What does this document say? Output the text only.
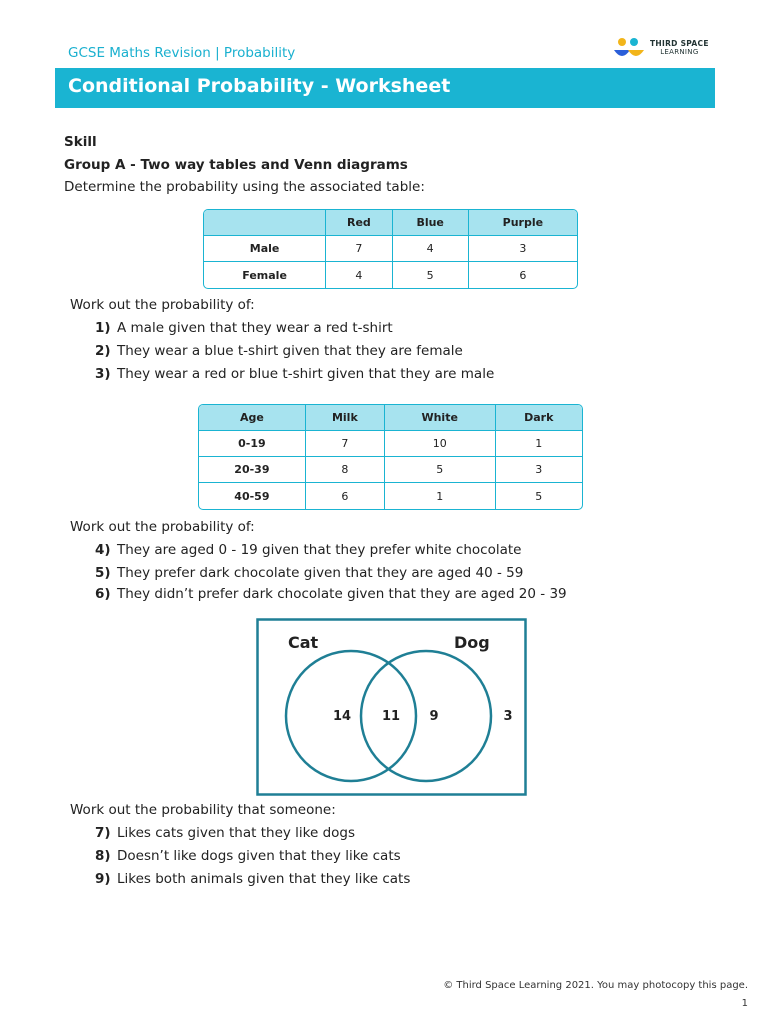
GCSE Maths Revision | Probability
THIRD SPACE
LEARNING
Conditional Probability - Worksheet
Skill
Group A - Two way tables and Venn diagrams
Determine the probability using the associated table:
	Red	Blue	Purple
Male	7	4	3
Female	4	5	6
Work out the probability of:
1) A male given that they wear a red t-shirt
2) They wear a blue t-shirt given that they are female
3) They wear a red or blue t-shirt given that they are male
Age	Milk	White	Dark
0-19	7	10	1
20-39	8	5	3
40-59	6	1	5
Work out the probability of:
4) They are aged 0 - 19 given that they prefer white chocolate
5) They prefer dark chocolate given that they are aged 40 - 59
6) They didn’t prefer dark chocolate given that they are aged 20 - 39
Cat	Dog
14 11 9	3
Work out the probability that someone:
7) Likes cats given that they like dogs
8) Doesn’t like dogs given that they like cats
9) Likes both animals given that they like cats
© Third Space Learning 2021. You may photocopy this page.
1
